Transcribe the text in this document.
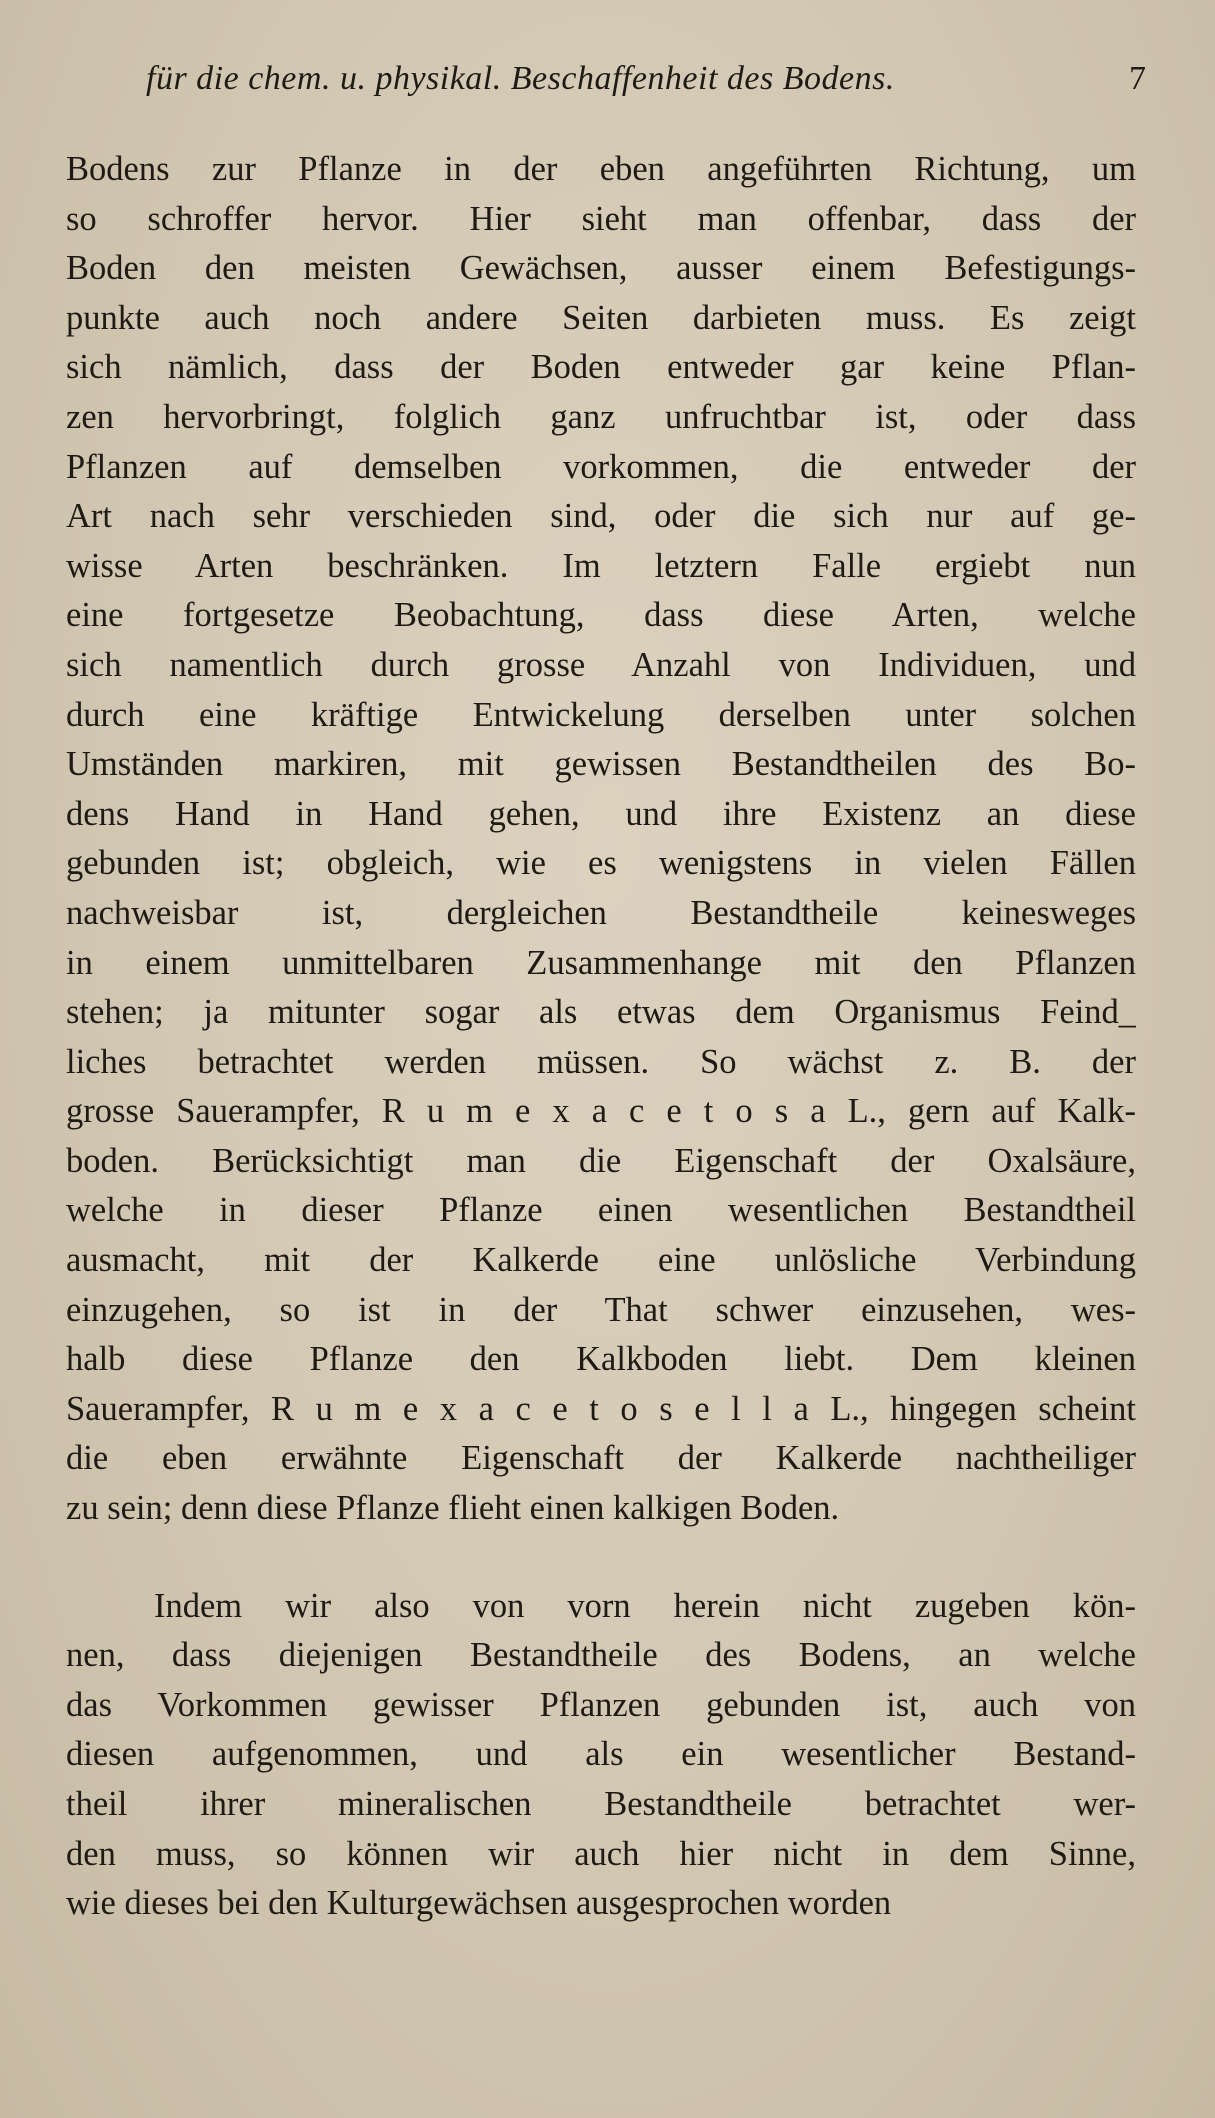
für die chem. u. physikal. Beschaffenheit des Bodens.	7
Bodens zur Pflanze in der eben angeführten Richtung, um
so schroffer hervor. Hier sieht man offenbar, dass der
Boden den meisten Gewächsen, ausser einem Befestigungs-
punkte auch noch andere Seiten darbieten muss. Es zeigt
sich nämlich, dass der Boden entweder gar keine Pflan-
zen hervorbringt, folglich ganz unfruchtbar ist, oder dass
Pflanzen auf demselben vorkommen, die entweder der
Art nach sehr verschieden sind, oder die sich nur auf ge-
wisse Arten beschränken. Im letztern Falle ergiebt nun
eine fortgesetze Beobachtung, dass diese Arten, welche
sich namentlich durch grosse Anzahl von Individuen, und
durch eine kräftige Entwickelung derselben unter solchen
Umständen markiren, mit gewissen Bestandtheilen des Bo-
dens Hand in Hand gehen, und ihre Existenz an diese
gebunden ist; obgleich, wie es wenigstens in vielen Fällen
nachweisbar ist, dergleichen Bestandtheile keinesweges
in einem unmittelbaren Zusammenhange mit den Pflanzen
stehen; ja mitunter sogar als etwas dem Organismus Feind_
liches betrachtet werden müssen. So wächst z. B. der
grosse Sauerampfer, R u m e x a c e t o s a L., gern auf Kalk-
boden. Berücksichtigt man die Eigenschaft der Oxalsäure,
welche in dieser Pflanze einen wesentlichen Bestandtheil
ausmacht, mit der Kalkerde eine unlösliche Verbindung
einzugehen, so ist in der That schwer einzusehen, wes-
halb diese Pflanze den Kalkboden liebt. Dem kleinen
Sauerampfer, R u m e x a c e t o s e l l a L., hingegen scheint
die eben erwähnte Eigenschaft der Kalkerde nachtheiliger
zu sein; denn diese Pflanze flieht einen kalkigen Boden.
Indem wir also von vorn herein nicht zugeben kön-
nen, dass diejenigen Bestandtheile des Bodens, an welche
das Vorkommen gewisser Pflanzen gebunden ist, auch von
diesen aufgenommen, und als ein wesentlicher Bestand-
theil ihrer mineralischen Bestandtheile betrachtet wer-
den muss, so können wir auch hier nicht in dem Sinne,
wie dieses bei den Kulturgewächsen ausgesprochen worden
